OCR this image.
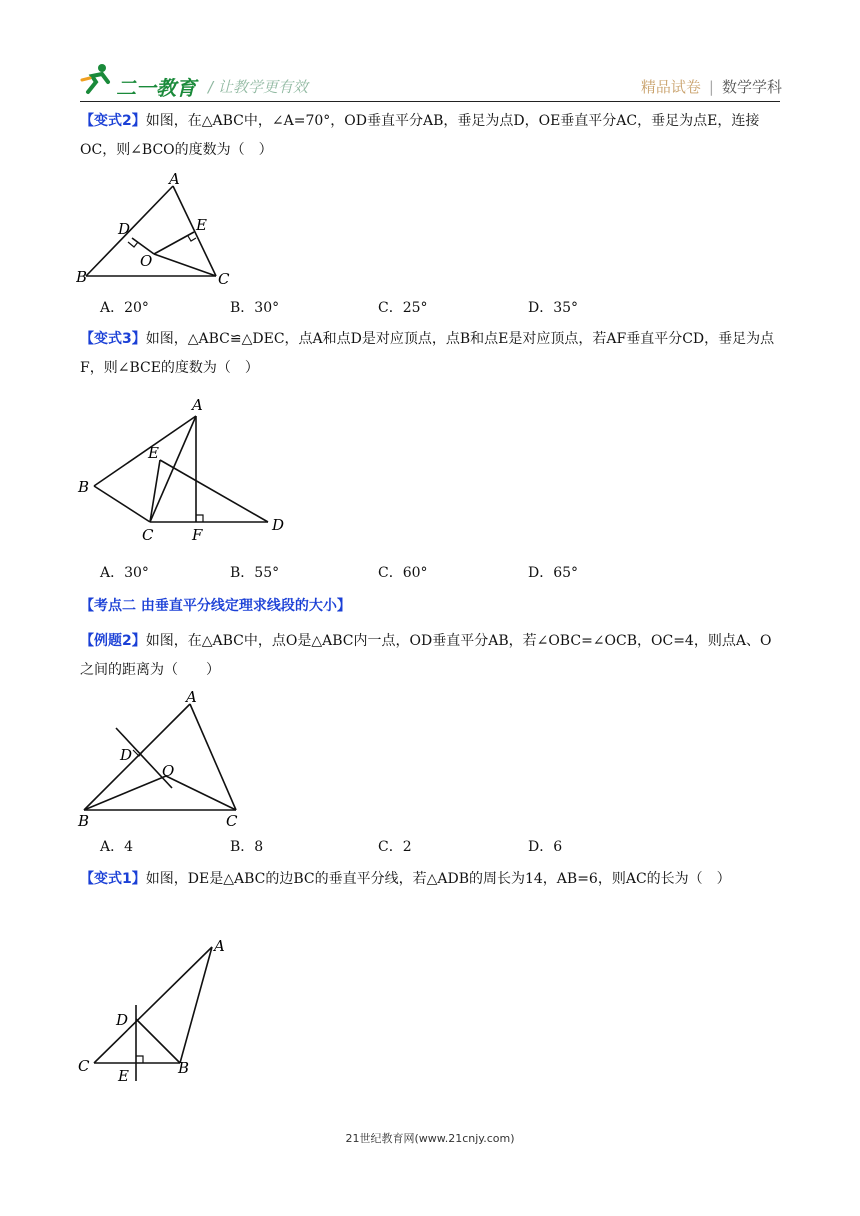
二一教育 / 让教学更有效	精品试卷 | 数学学科
【变式2】如图，在△ABC中，∠A=70°，OD垂直平分AB，垂足为点D，OE垂直平分AC，垂足为点E，连接OC，则∠BCO的度数为（　）
A
D	E
O
B	C
A．20°	B．30°	C．25°	D．35°
【变式3】如图，△ABC≌△DEC，点A和点D是对应顶点，点B和点E是对应顶点，若AF垂直平分CD，垂足为点F，则∠BCE的度数为（　）
A
E
B
C	F
D
A．30°	B．55°	C．60°	D．65°
【考点二 由垂直平分线定理求线段的大小】
【例题2】如图，在△ABC中，点O是△ABC内一点，OD垂直平分AB，若∠OBC=∠OCB，OC=4，则点A、O之间的距离为（　　）
A
D
O
B	C
A．4	B．8	C．2	D．6
【变式1】如图，DE是△ABC的边BC的垂直平分线，若△ADB的周长为14，AB=6，则AC的长为（　）
A
D
C
E	B
21世纪教育网(www.21cnjy.com)
